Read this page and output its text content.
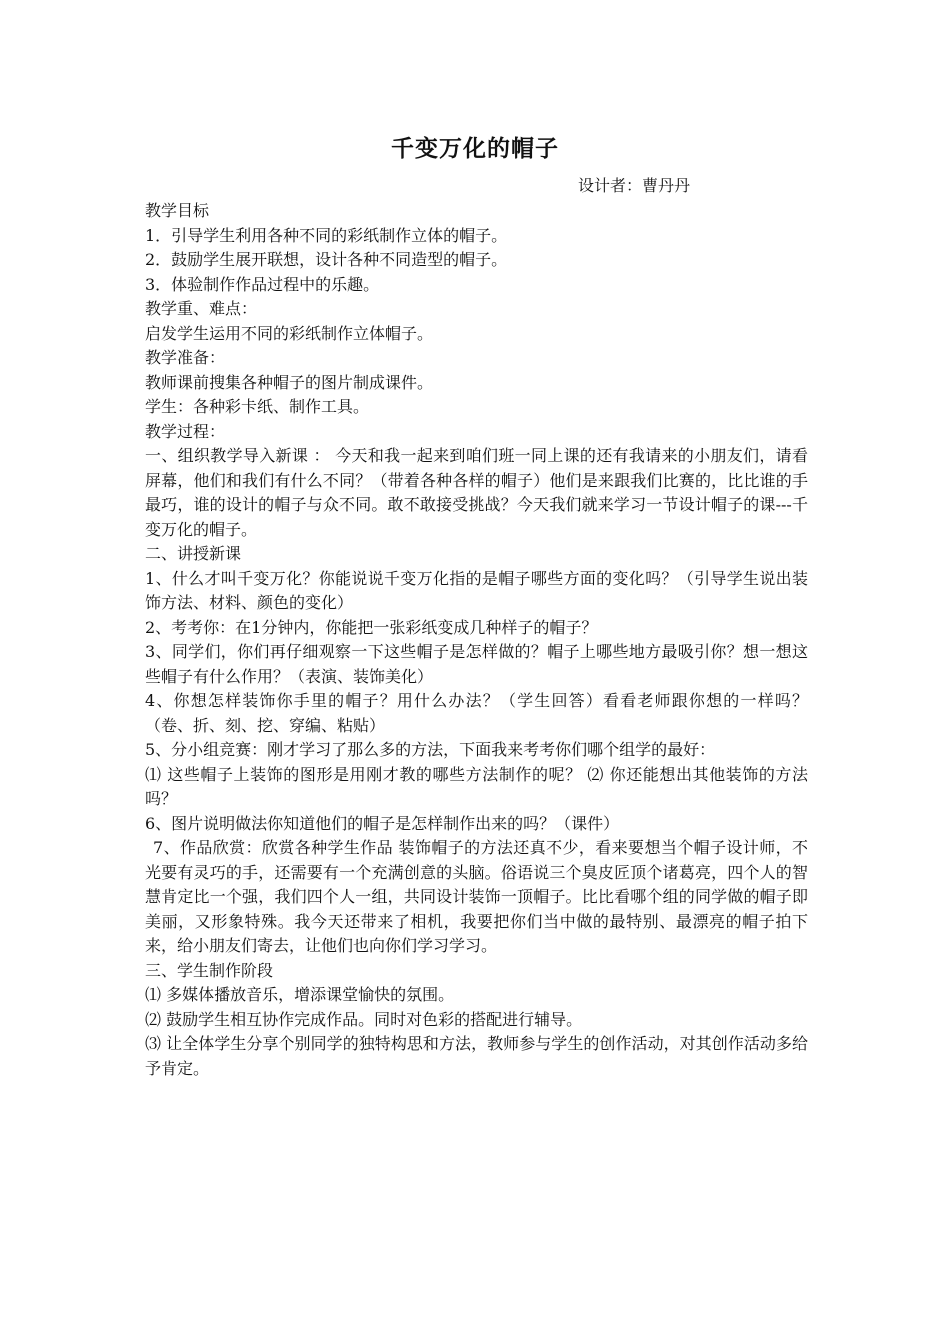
千变万化的帽子
设计者：曹丹丹

教学目标

1．引导学生利用各种不同的彩纸制作立体的帽子。

2．鼓励学生展开联想，设计各种不同造型的帽子。

3．体验制作作品过程中的乐趣。

教学重、难点：

启发学生运用不同的彩纸制作立体帽子。

教学准备：

教师课前搜集各种帽子的图片制成课件。

学生：各种彩卡纸、制作工具。

教学过程：

一、组织教学导入新课 ： 今天和我一起来到咱们班一同上课的还有我请来的小朋友们，请看屏幕，他们和我们有什么不同？（带着各种各样的帽子）他们是来跟我们比赛的，比比谁的手最巧，谁的设计的帽子与众不同。敢不敢接受挑战？今天我们就来学习一节设计帽子的课---千变万化的帽子。

二、讲授新课

1、什么才叫千变万化？你能说说千变万化指的是帽子哪些方面的变化吗？（引导学生说出装饰方法、材料、颜色的变化）

2、考考你：在1分钟内，你能把一张彩纸变成几种样子的帽子？

3、同学们，你们再仔细观察一下这些帽子是怎样做的？帽子上哪些地方最吸引你？想一想这些帽子有什么作用？（表演、装饰美化）

4、你想怎样装饰你手里的帽子？用什么办法？（学生回答）看看老师跟你想的一样吗？（卷、折、刻、挖、穿编、粘贴）

5、分小组竞赛：刚才学习了那么多的方法，下面我来考考你们哪个组学的最好：

⑴ 这些帽子上装饰的图形是用刚才教的哪些方法制作的呢？ ⑵ 你还能想出其他装饰的方法吗？

6、图片说明做法你知道他们的帽子是怎样制作出来的吗？（课件）

7、作品欣赏：欣赏各种学生作品 装饰帽子的方法还真不少，看来要想当个帽子设计师，不光要有灵巧的手，还需要有一个充满创意的头脑。俗语说三个臭皮匠顶个诸葛亮，四个人的智慧肯定比一个强，我们四个人一组，共同设计装饰一顶帽子。比比看哪个组的同学做的帽子即美丽，又形象特殊。我今天还带来了相机，我要把你们当中做的最特别、最漂亮的帽子拍下来，给小朋友们寄去，让他们也向你们学习学习。

三、学生制作阶段

⑴ 多媒体播放音乐，增添课堂愉快的氛围。

⑵ 鼓励学生相互协作完成作品。同时对色彩的搭配进行辅导。

⑶ 让全体学生分享个别同学的独特构思和方法，教师参与学生的创作活动，对其创作活动多给予肯定。
